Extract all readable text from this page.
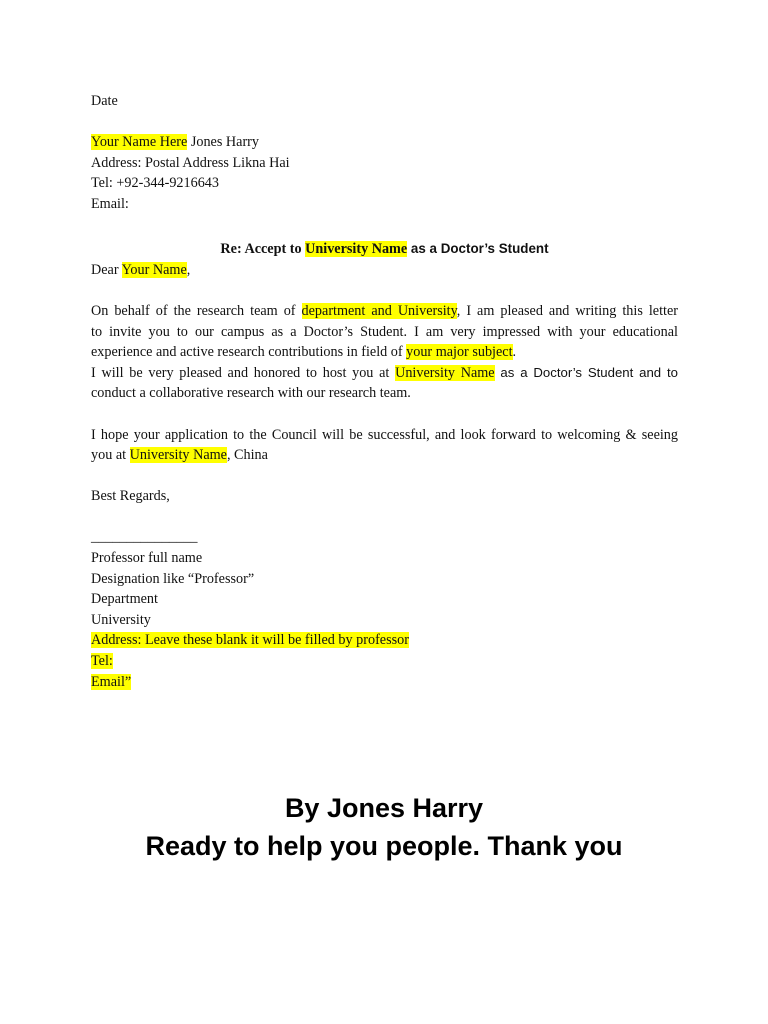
Date
Your Name Here Jones Harry
Address: Postal Address Likna Hai
Tel: +92-344-9216643
Email:
Re: Accept to University Name as a Doctor’s Student
Dear Your Name,
On behalf of the research team of department and University, I am pleased and writing this letter
to invite you to our campus as a Doctor’s Student. I am very impressed with your educational
experience and active research contributions in field of your major subject.
I will be very pleased and honored to host you at University Name as a Doctor’s Student and to
conduct a collaborative research with our research team.
I hope your application to the Council will be successful, and look forward to welcoming & seeing
you at University Name, China
Best Regards,
_______________
Professor full name
Designation like “Professor”
Department
University
Address: Leave these blank it will be filled by professor
Tel:
Email”
By Jones Harry
Ready to help you people. Thank you
